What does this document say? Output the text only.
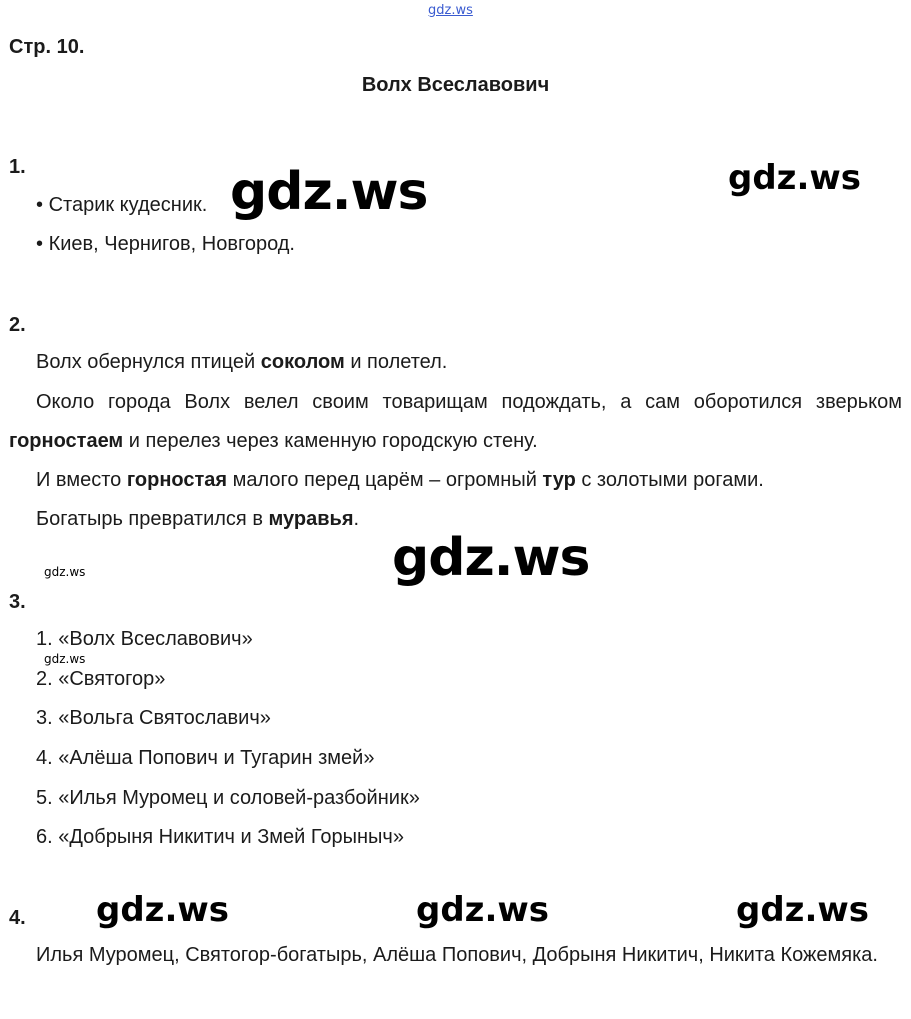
gdz.ws
Стр. 10.
Волх Всеславович
1.
• Старик кудесник.
• Киев, Чернигов, Новгород.
2.

Волх обернулся птицей соколом и полетел.

Около города Волх велел своим товарищам подождать, а сам оборотился зверьком горностаем и перелез через каменную городскую стену.

И вместо горностая малого перед царём – огромный тур с золотыми рогами.

Богатырь превратился в муравья.

3.
1. «Волх Всеславович»
2. «Святогор»
3. «Вольга Святославич»
4. «Алёша Попович и Тугарин змей»
5. «Илья Муромец и соловей-разбойник»
6. «Добрыня Никитич и Змей Горыныч»
4.

Илья Муромец, Святогор-богатырь, Алёша Попович, Добрыня Никитич, Никита Кожемяка.

gdz.ws	gdz.ws
gdz.ws
gdz.ws
gdz.ws
gdz.ws	gdz.ws	gdz.ws
